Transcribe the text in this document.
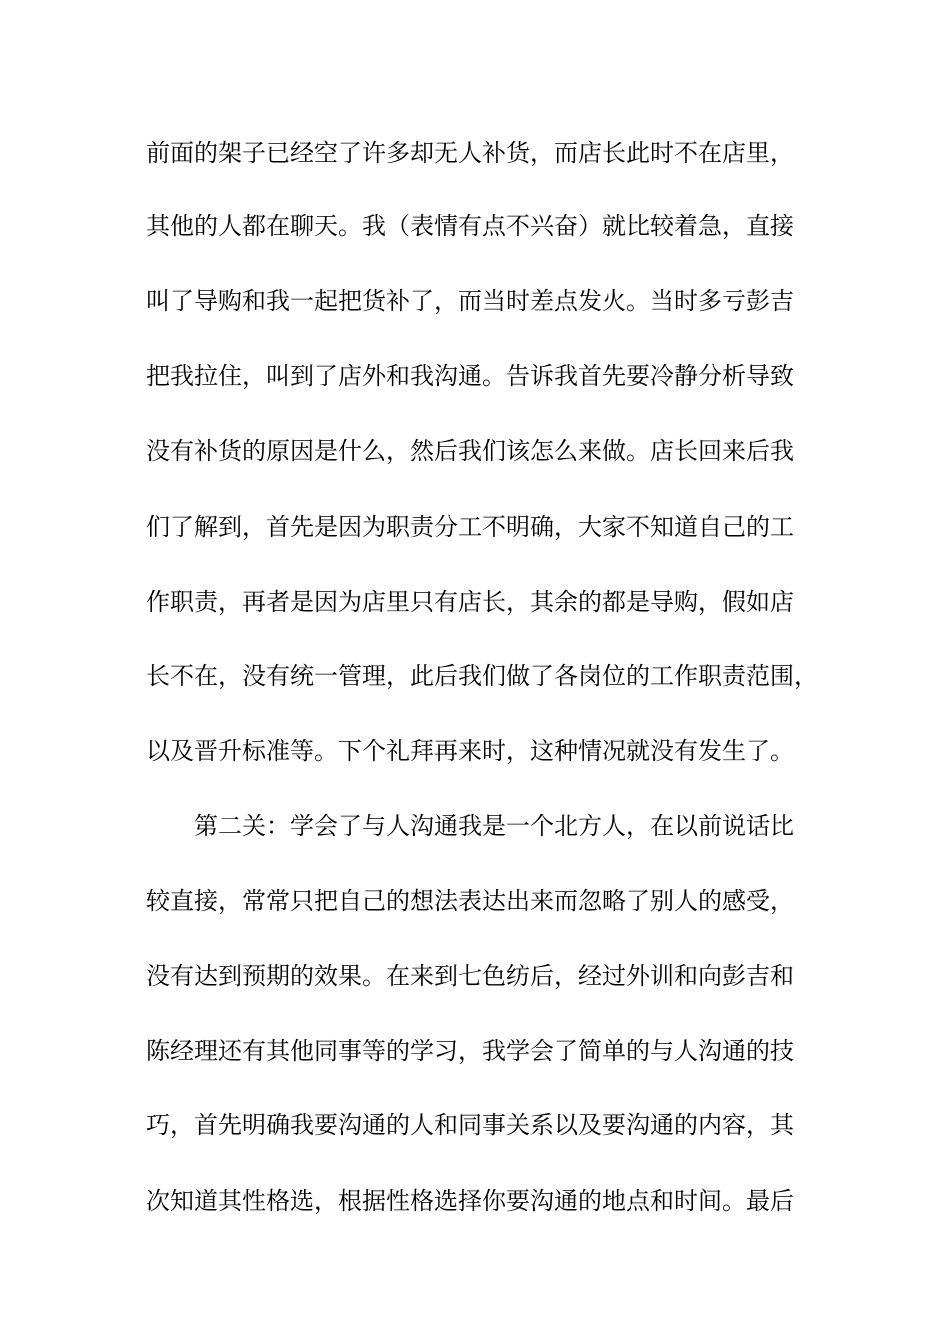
前面的架子已经空了许多却无人补货，而店长此时不在店里，
其他的人都在聊天。我（表情有点不兴奋）就比较着急，直接
叫了导购和我一起把货补了，而当时差点发火。当时多亏彭吉
把我拉住，叫到了店外和我沟通。告诉我首先要冷静分析导致
没有补货的原因是什么，然后我们该怎么来做。店长回来后我
们了解到，首先是因为职责分工不明确，大家不知道自己的工
作职责，再者是因为店里只有店长，其余的都是导购，假如店
长不在，没有统一管理，此后我们做了各岗位的工作职责范围，
以及晋升标准等。下个礼拜再来时，这种情况就没有发生了。
第二关：学会了与人沟通我是一个北方人，在以前说话比
较直接，常常只把自己的想法表达出来而忽略了别人的感受，
没有达到预期的效果。在来到七色纺后，经过外训和向彭吉和
陈经理还有其他同事等的学习，我学会了简单的与人沟通的技
巧，首先明确我要沟通的人和同事关系以及要沟通的内容，其
次知道其性格选，根据性格选择你要沟通的地点和时间。最后
